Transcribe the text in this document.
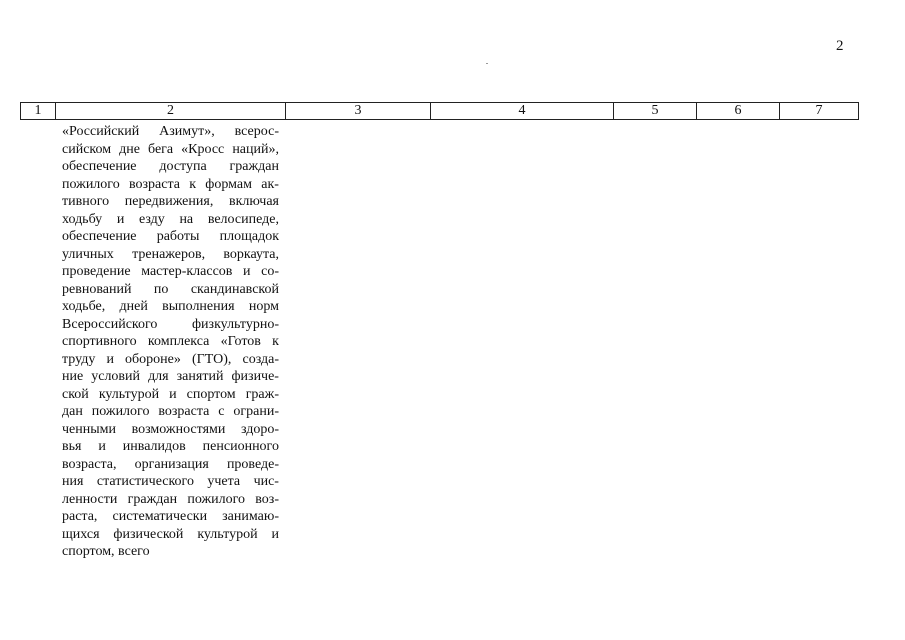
2
1	2	3	4	5	6	7
«Российский Азимут», всерос-
сийском дне бега «Кросс наций»,
обеспечение доступа граждан
пожилого возраста к формам ак-
тивного передвижения, включая
ходьбу и езду на велосипеде,
обеспечение работы площадок
уличных тренажеров, воркаута,
проведение мастер-классов и со-
ревнований по скандинавской
ходьбе, дней выполнения норм
Всероссийского физкультурно-
спортивного комплекса «Готов к
труду и обороне» (ГТО), созда-
ние условий для занятий физиче-
ской культурой и спортом граж-
дан пожилого возраста с ограни-
ченными возможностями здоро-
вья и инвалидов пенсионного
возраста, организация проведе-
ния статистического учета чис-
ленности граждан пожилого воз-
раста, систематически занимаю-
щихся физической культурой и
спортом, всего
